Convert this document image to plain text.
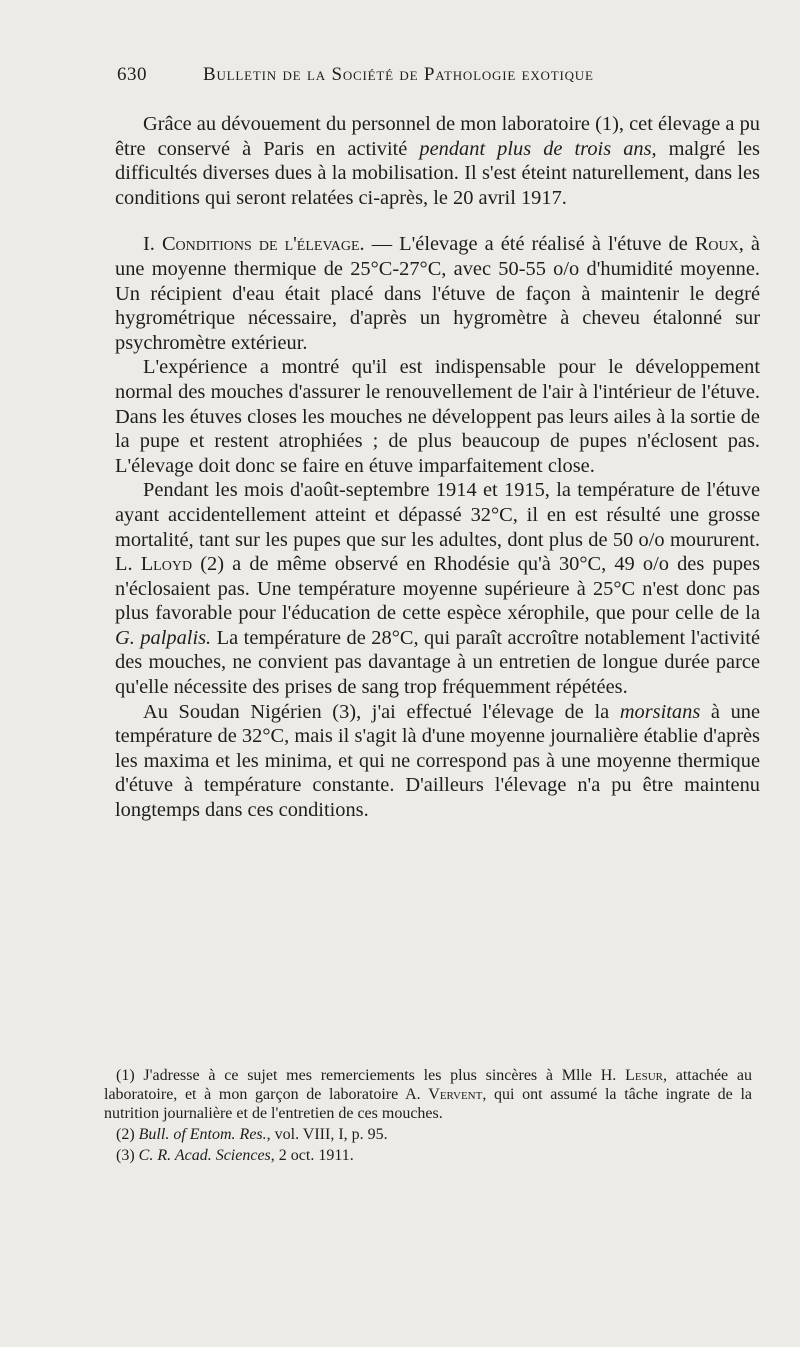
630	Bulletin de la Société de Pathologie exotique

Grâce au dévouement du personnel de mon laboratoire (1), cet élevage a pu être conservé à Paris en activité pendant plus de trois ans, malgré les difficultés diverses dues à la mobilisation. Il s'est éteint naturellement, dans les conditions qui seront relatées ci-après, le 20 avril 1917.

I. Conditions de l'élevage. — L'élevage a été réalisé à l'étuve de Roux, à une moyenne thermique de 25°C-27°C, avec 50-55 o/o d'humidité moyenne. Un récipient d'eau était placé dans l'étuve de façon à maintenir le degré hygrométrique nécessaire, d'après un hygromètre à cheveu étalonné sur psychromètre extérieur.

L'expérience a montré qu'il est indispensable pour le développement normal des mouches d'assurer le renouvellement de l'air à l'intérieur de l'étuve. Dans les étuves closes les mouches ne développent pas leurs ailes à la sortie de la pupe et restent atrophiées ; de plus beaucoup de pupes n'éclosent pas. L'élevage doit donc se faire en étuve imparfaitement close.

Pendant les mois d'août-septembre 1914 et 1915, la température de l'étuve ayant accidentellement atteint et dépassé 32°C, il en est résulté une grosse mortalité, tant sur les pupes que sur les adultes, dont plus de 50 o/o moururent. L. Lloyd (2) a de même observé en Rhodésie qu'à 30°C, 49 o/o des pupes n'éclosaient pas. Une température moyenne supérieure à 25°C n'est donc pas plus favorable pour l'éducation de cette espèce xérophile, que pour celle de la G. palpalis. La température de 28°C, qui paraît accroître notablement l'activité des mouches, ne convient pas davantage à un entretien de longue durée parce qu'elle nécessite des prises de sang trop fréquemment répétées.

Au Soudan Nigérien (3), j'ai effectué l'élevage de la morsitans à une température de 32°C, mais il s'agit là d'une moyenne journalière établie d'après les maxima et les minima, et qui ne correspond pas à une moyenne thermique d'étuve à température constante. D'ailleurs l'élevage n'a pu être maintenu longtemps dans ces conditions.

(1) J'adresse à ce sujet mes remerciements les plus sincères à Mlle H. Lesur, attachée au laboratoire, et à mon garçon de laboratoire A. Vervent, qui ont assumé la tâche ingrate de la nutrition journalière et de l'entretien de ces mouches.

(2) Bull. of Entom. Res., vol. VIII, I, p. 95.

(3) C. R. Acad. Sciences, 2 oct. 1911.
